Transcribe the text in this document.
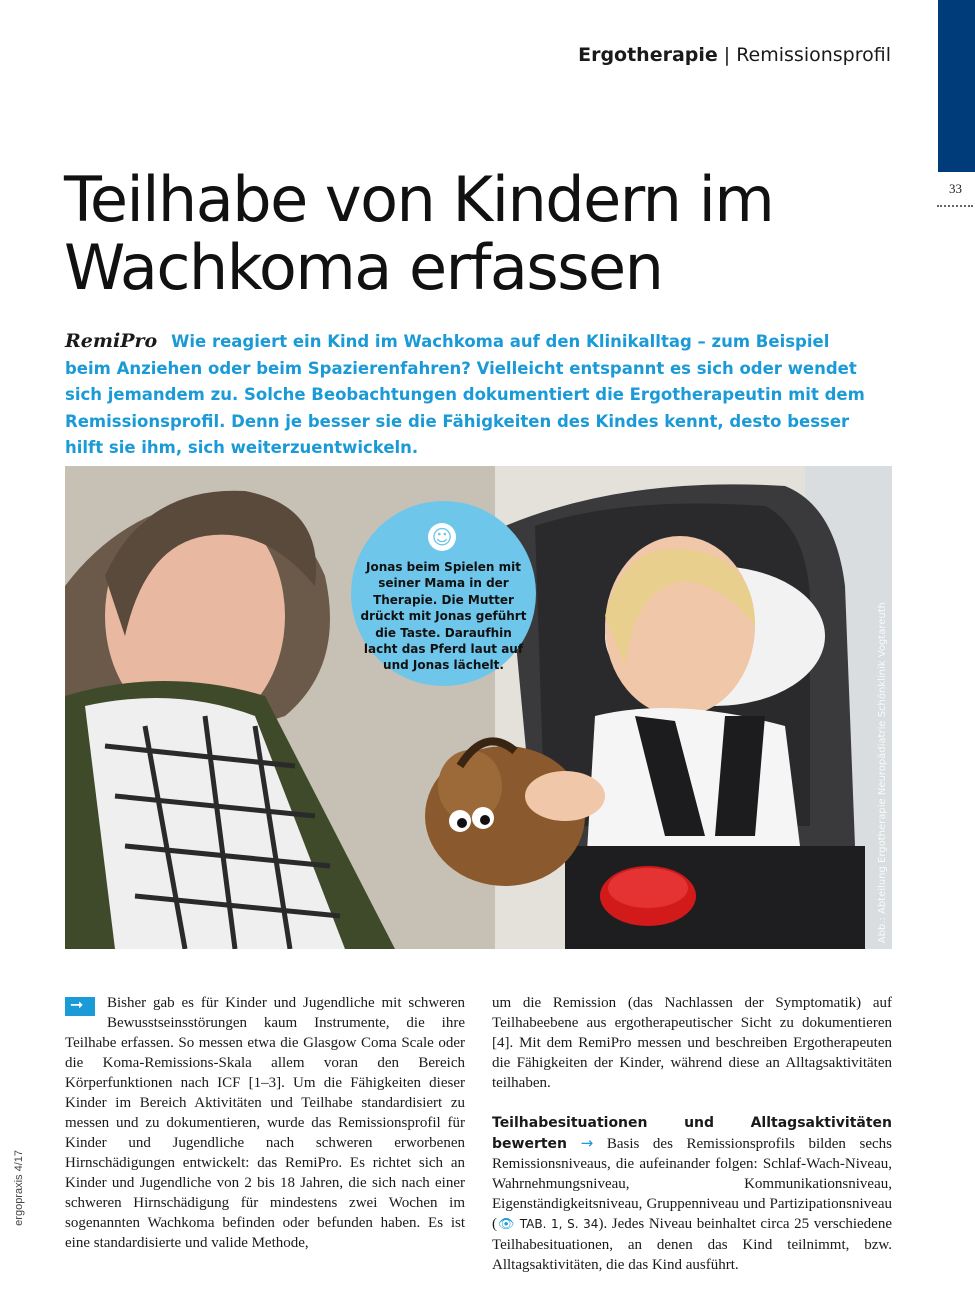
Ergotherapie | Remissionsprofil
33
Teilhabe von Kindern im
Wachkoma erfassen
RemiPro Wie reagiert ein Kind im Wachkoma auf den Klinikalltag – zum Beispiel beim Anziehen oder beim Spazierenfahren? Vielleicht entspannt es sich oder wendet sich jemandem zu. Solche Beobachtungen dokumentiert die Ergotherapeutin mit dem Remissionsprofil. Denn je besser sie die Fähigkeiten des Kindes kennt, desto besser hilft sie ihm, sich weiterzuentwickeln.
Abb.: Abteilung Ergotherapie Neuropädiatrie Schönklinik Vogtareuth
☺
Jonas beim Spielen mit seiner Mama in der Therapie. Die Mutter drückt mit Jonas geführt die Taste. Daraufhin lacht das Pferd laut auf und Jonas lächelt.
➞	Bisher gab es für Kinder und Jugendliche mit schweren Bewusstseinsstörungen kaum Instrumente, die ihre Teilhabe erfassen. So messen etwa die Glasgow Coma Scale oder die Koma-Remissions-Skala allem voran den Bereich Körperfunktionen nach ICF [1–3]. Um die Fähigkeiten dieser Kinder im Bereich Aktivitäten und Teilhabe standardisiert zu messen und zu dokumentieren, wurde das Remissionsprofil für Kinder und Jugendliche nach schweren erworbenen Hirnschädigungen entwickelt: das RemiPro. Es richtet sich an Kinder und Jugendliche von 2 bis 18 Jahren, die sich nach einer schweren Hirnschädigung für mindestens zwei Wochen im sogenannten Wachkoma befinden oder befunden haben. Es ist eine standardisierte und valide Methode,

um die Remission (das Nachlassen der Symptomatik) auf Teilhabeebene aus ergotherapeutischer Sicht zu dokumentieren [4]. Mit dem RemiPro messen und beschreiben Ergotherapeuten die Fähigkeiten der Kinder, während diese an Alltagsaktivitäten teilhaben.

Teilhabesituationen und Alltagsaktivitäten bewerten → Basis des Remissionsprofils bilden sechs Remissionsniveaus, die aufeinander folgen: Schlaf-Wach-Niveau, Wahrnehmungsniveau, Kommunikationsniveau, Eigenständigkeitsniveau, Gruppenniveau und Partizipationsniveau (👁 TAB. 1, S. 34). Jedes Niveau beinhaltet circa 25 verschiedene Teilhabesituationen, an denen das Kind teilnimmt, bzw. Alltagsaktivitäten, die das Kind ausführt.

ergopraxis 4/17
